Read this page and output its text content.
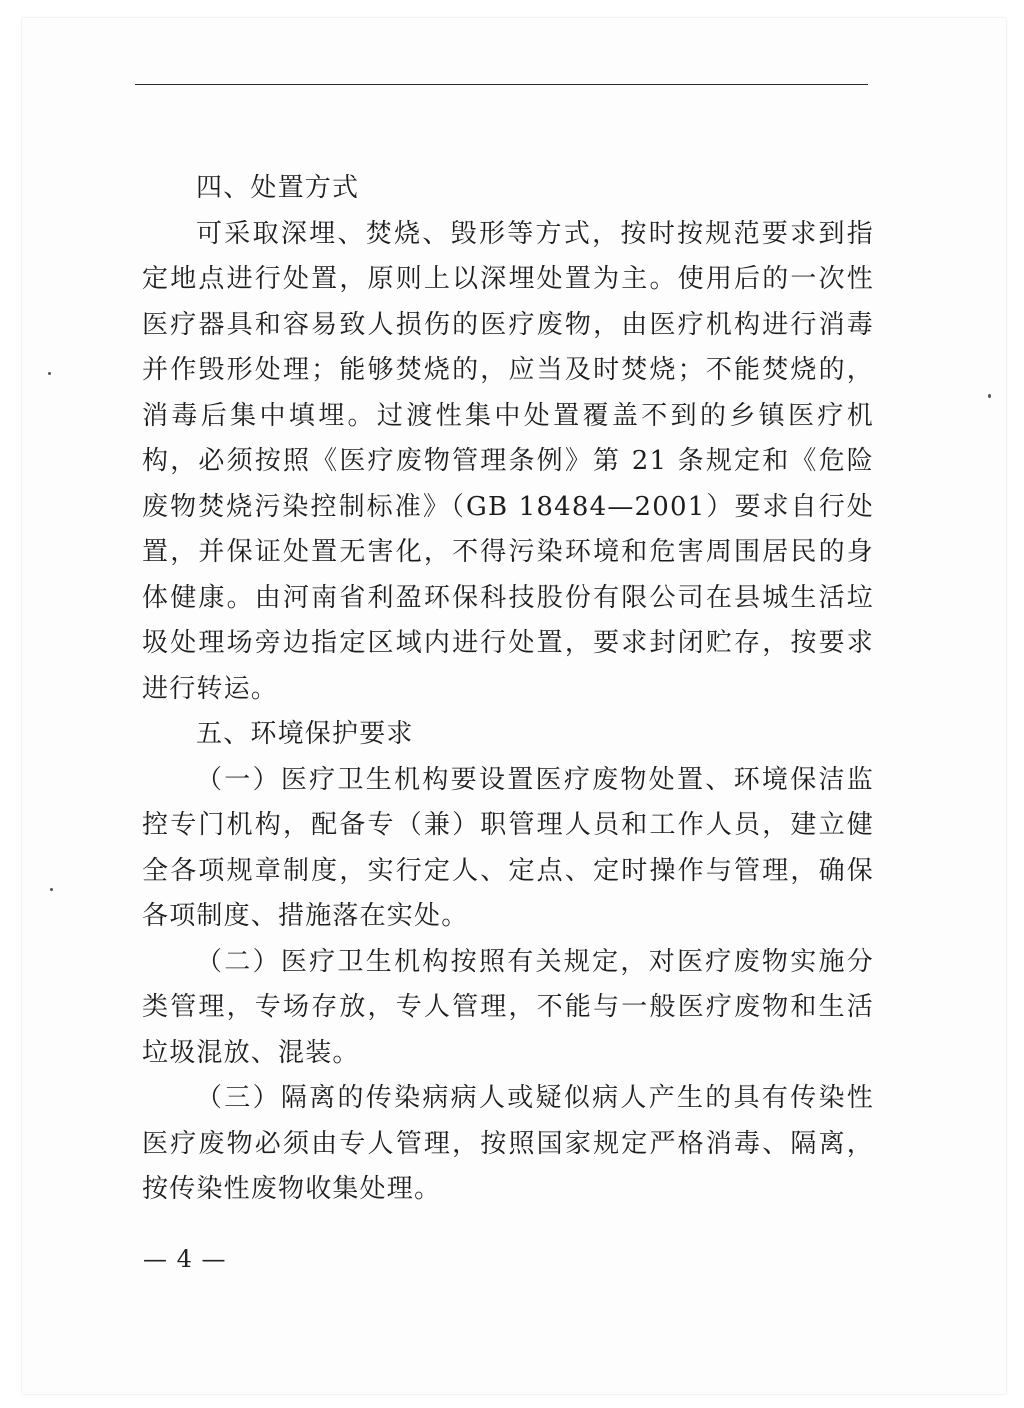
四、处置方式

可采取深埋、焚烧、毁形等方式，按时按规范要求到指定地点进行处置，原则上以深埋处置为主。使用后的一次性医疗器具和容易致人损伤的医疗废物，由医疗机构进行消毒并作毁形处理；能够焚烧的，应当及时焚烧；不能焚烧的，消毒后集中填埋。过渡性集中处置覆盖不到的乡镇医疗机构，必须按照《医疗废物管理条例》第 21 条规定和《危险废物焚烧污染控制标准》（GB 18484—2001）要求自行处置，并保证处置无害化，不得污染环境和危害周围居民的身体健康。由河南省利盈环保科技股份有限公司在县城生活垃圾处理场旁边指定区域内进行处置，要求封闭贮存，按要求进行转运。

五、环境保护要求

（一）医疗卫生机构要设置医疗废物处置、环境保洁监控专门机构，配备专（兼）职管理人员和工作人员，建立健全各项规章制度，实行定人、定点、定时操作与管理，确保各项制度、措施落在实处。

（二）医疗卫生机构按照有关规定，对医疗废物实施分类管理，专场存放，专人管理，不能与一般医疗废物和生活垃圾混放、混装。

（三）隔离的传染病病人或疑似病人产生的具有传染性医疗废物必须由专人管理，按照国家规定严格消毒、隔离，按传染性废物收集处理。

— 4 —
